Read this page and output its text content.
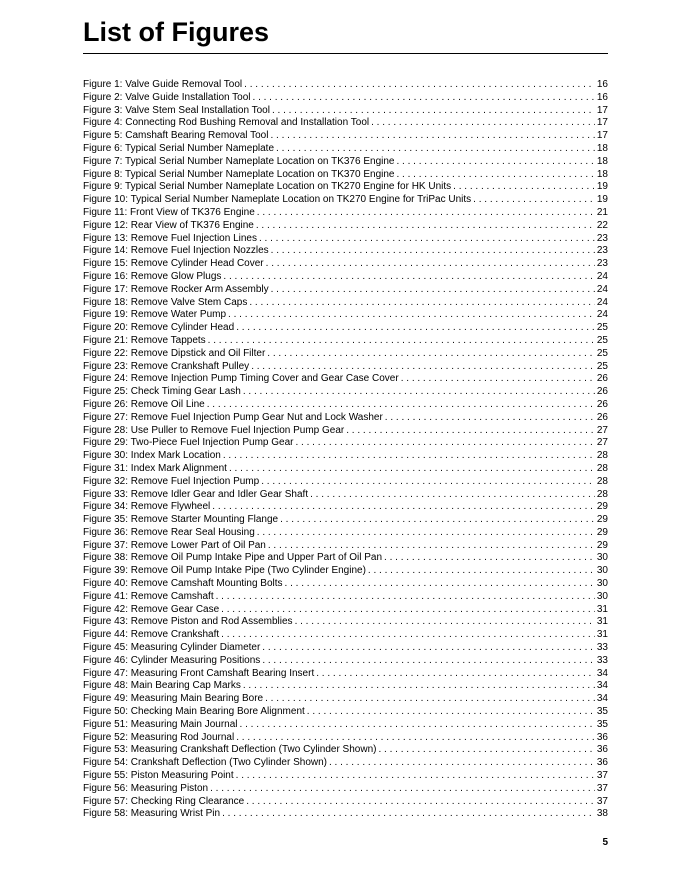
List of Figures
Figure 1: Valve Guide Removal Tool . . .	16
Figure 2: Valve Guide Installation Tool . . .	16
Figure 3: Valve Stem Seal Installation Tool . . .	17
Figure 4: Connecting Rod Bushing Removal and Installation Tool . . .	17
Figure 5: Camshaft Bearing Removal Tool . . .	17
Figure 6: Typical Serial Number Nameplate . . .	18
Figure 7: Typical Serial Number Nameplate Location on TK376 Engine . . .	18
Figure 8: Typical Serial Number Nameplate Location on TK370 Engine . . .	18
Figure 9: Typical Serial Number Nameplate Location on TK270 Engine for HK Units . . .	19
Figure 10: Typical Serial Number Nameplate Location on TK270 Engine for TriPac Units . . .	19
Figure 11: Front View of TK376 Engine . . .	21
Figure 12: Rear View of TK376 Engine . . .	22
Figure 13: Remove Fuel Injection Lines . . .	23
Figure 14: Remove Fuel Injection Nozzles . . .	23
Figure 15: Remove Cylinder Head Cover . . .	23
Figure 16: Remove Glow Plugs . . .	24
Figure 17: Remove Rocker Arm Assembly . . .	24
Figure 18: Remove Valve Stem Caps . . .	24
Figure 19: Remove Water Pump . . .	24
Figure 20: Remove Cylinder Head . . .	25
Figure 21: Remove Tappets . . .	25
Figure 22: Remove Dipstick and Oil Filter . . .	25
Figure 23: Remove Crankshaft Pulley . . .	25
Figure 24: Remove Injection Pump Timing Cover and Gear Case Cover . . .	26
Figure 25: Check Timing Gear Lash . . .	26
Figure 26: Remove Oil Line . . .	26
Figure 27: Remove Fuel Injection Pump Gear Nut and Lock Washer . . .	26
Figure 28: Use Puller to Remove Fuel Injection Pump Gear . . .	27
Figure 29: Two-Piece Fuel Injection Pump Gear . . .	27
Figure 30: Index Mark Location . . .	28
Figure 31: Index Mark Alignment . . .	28
Figure 32: Remove Fuel Injection Pump . . .	28
Figure 33: Remove Idler Gear and Idler Gear Shaft . . .	28
Figure 34: Remove Flywheel . . .	29
Figure 35: Remove Starter Mounting Flange . . .	29
Figure 36: Remove Rear Seal Housing . . .	29
Figure 37: Remove Lower Part of Oil Pan . . .	29
Figure 38: Remove Oil Pump Intake Pipe and Upper Part of Oil Pan . . .	30
Figure 39: Remove Oil Pump Intake Pipe (Two Cylinder Engine) . . .	30
Figure 40: Remove Camshaft Mounting Bolts . . .	30
Figure 41: Remove Camshaft . . .	30
Figure 42: Remove Gear Case . . .	31
Figure 43: Remove Piston and Rod Assemblies . . .	31
Figure 44: Remove Crankshaft . . .	31
Figure 45: Measuring Cylinder Diameter . . .	33
Figure 46: Cylinder Measuring Positions . . .	33
Figure 47: Measuring Front Camshaft Bearing Insert . . .	34
Figure 48: Main Bearing Cap Marks . . .	34
Figure 49: Measuring Main Bearing Bore . . .	34
Figure 50: Checking Main Bearing Bore Alignment . . .	35
Figure 51: Measuring Main Journal . . .	35
Figure 52: Measuring Rod Journal . . .	36
Figure 53: Measuring Crankshaft Deflection (Two Cylinder Shown) . . .	36
Figure 54: Crankshaft Deflection (Two Cylinder Shown) . . .	36
Figure 55: Piston Measuring Point . . .	37
Figure 56: Measuring Piston . . .	37
Figure 57: Checking Ring Clearance . . .	37
Figure 58: Measuring Wrist Pin . . .	38
5
